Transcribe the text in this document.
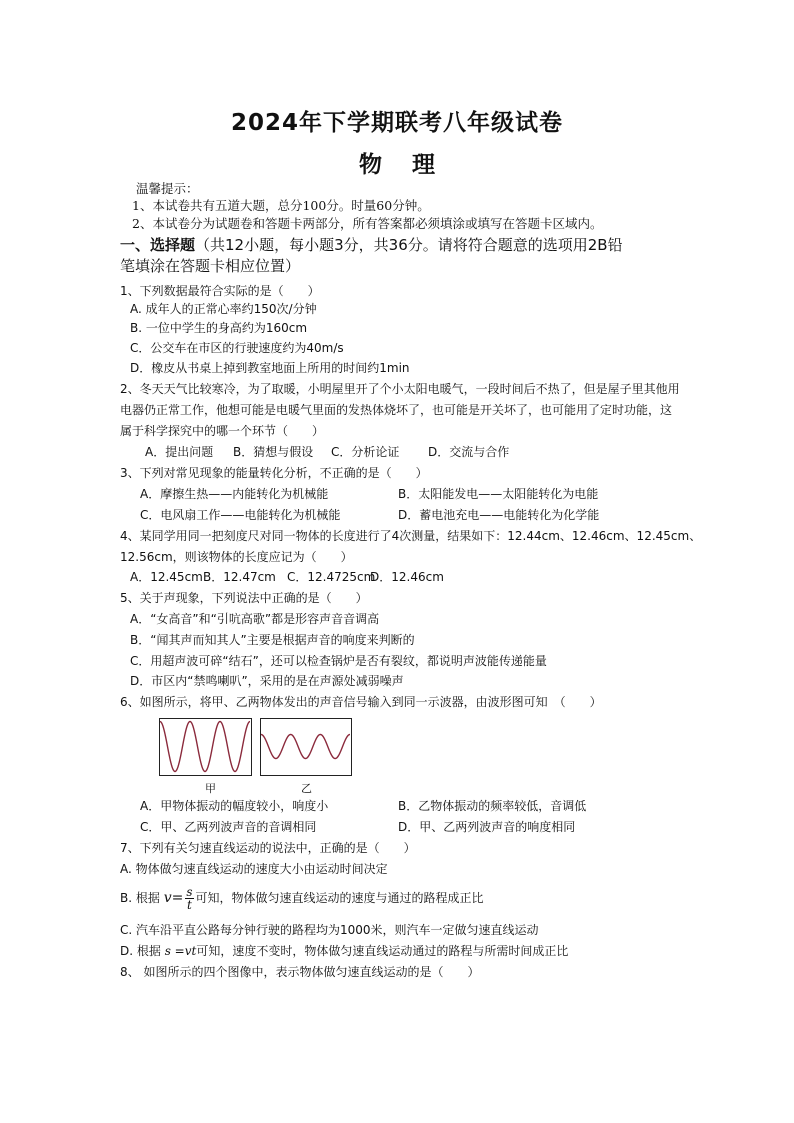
2024年下学期联考八年级试卷
物理
温馨提示：
1、本试卷共有五道大题，总分100分。时量60分钟。
2、本试卷分为试题卷和答题卡两部分，所有答案都必须填涂或填写在答题卡区域内。
一、选择题（共12小题，每小题3分，共36分。请将符合题意的选项用2B铅
笔填涂在答题卡相应位置）
1、下列数据最符合实际的是（　　）
A. 成年人的正常心率约150次/分钟
B. 一位中学生的身高约为160cm
C．公交车在市区的行驶速度约为40m/s
D．橡皮从书桌上掉到教室地面上所用的时间约1min
2、冬天天气比较寒冷，为了取暖，小明屋里开了个小太阳电暖气，一段时间后不热了，但是屋子里其他用
电器仍正常工作，他想可能是电暖气里面的发热体烧坏了，也可能是开关坏了，也可能用了定时功能，这
属于科学探究中的哪一个环节（　　）
A．提出问题 B．猜想与假设 C．分析论证 D．交流与合作
3、下列对常见现象的能量转化分析，不正确的是（　　）
A．摩擦生热——内能转化为机械能	B．太阳能发电——太阳能转化为电能
C．电风扇工作——电能转化为机械能	D．蓄电池充电——电能转化为化学能
4、某同学用同一把刻度尺对同一物体的长度进行了4次测量，结果如下：12.44cm、12.46cm、12.45cm、
12.56cm，则该物体的长度应记为（　　）
A．12.45cm B．12.47cm C．12.4725cm
D．12.46cm
5、关于声现象，下列说法中正确的是（　　）
A．“女高音”和“引吭高歌”都是形容声音音调高
B．“闻其声而知其人”主要是根据声音的响度来判断的
C．用超声波可碎“结石”，还可以检查锅炉是否有裂纹，都说明声波能传递能量
D．市区内“禁鸣喇叭”，采用的是在声源处减弱噪声
6、如图所示，将甲、乙两物体发出的声音信号输入到同一示波器，由波形图可知　（　　）
甲	乙
A．甲物体振动的幅度较小，响度小	B．乙物体振动的频率较低，音调低
C．甲、乙两列波声音的音调相同	D．甲、乙两列波声音的响度相同
7、下列有关匀速直线运动的说法中，正确的是（　　）
A. 物体做匀速直线运动的速度大小由运动时间决定
B. 根据 $v= \frac{s}{t}$ 可知，物体做匀速直线运动的速度与通过的路程成正比
C. 汽车沿平直公路每分钟行驶的路程均为1000米，则汽车一定做匀速直线运动
D. 根据 s =vt可知，速度不变时，物体做匀速直线运动通过的路程与所需时间成正比
8、 如图所示的四个图像中，表示物体做匀速直线运动的是（　　）
